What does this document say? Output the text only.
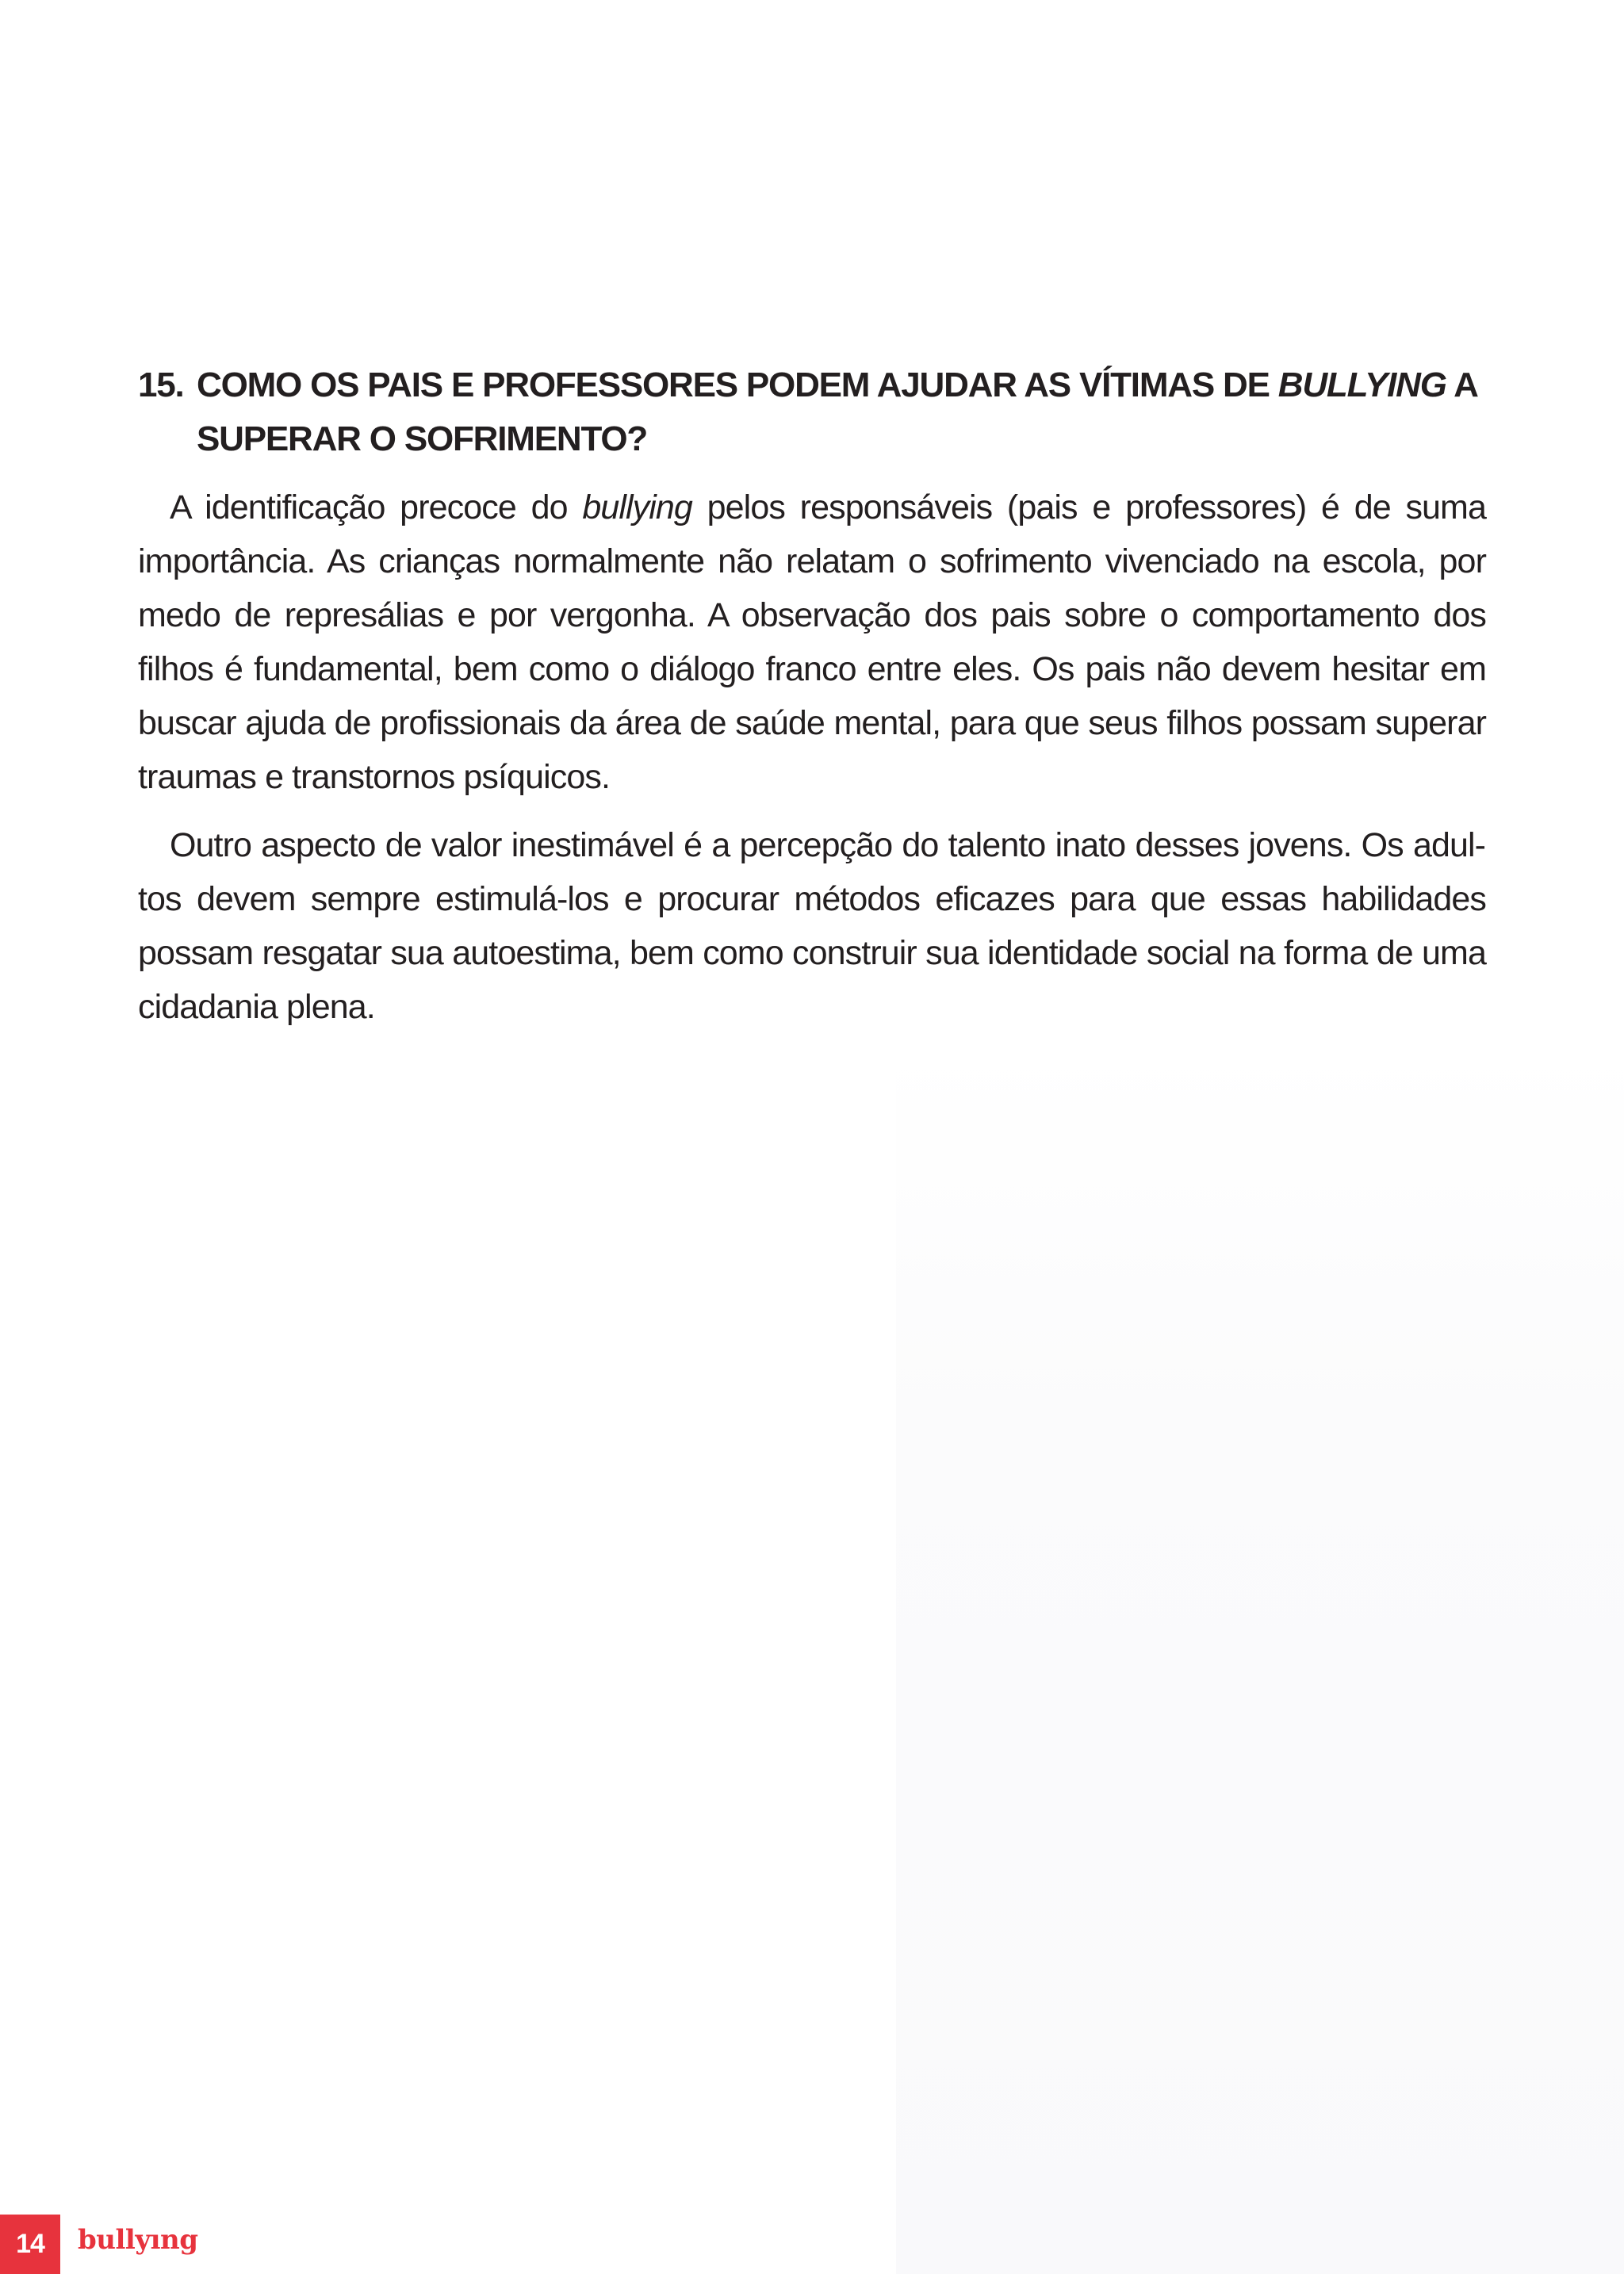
15. COMO OS PAIS E PROFESSORES PODEM AJUDAR AS VÍTIMAS DE BULLYING A SUPERAR O SOFRIMENTO?

A identificação precoce do bullying pelos responsáveis (pais e professores) é de suma importância. As crianças normalmente não relatam o sofrimento vivenciado na escola, por medo de represálias e por vergonha. A observação dos pais sobre o comportamento dos filhos é fundamental, bem como o diálogo franco entre eles. Os pais não devem hesitar em buscar ajuda de profissionais da área de saúde mental, para que seus filhos possam superar traumas e transtornos psíquicos.

Outro aspecto de valor inestimável é a percepção do talento inato desses jovens. Os adultos devem sempre estimulá-los e procurar métodos eficazes para que essas habilidades possam resgatar sua autoestima, bem como construir sua identidade social na forma de uma cidadania plena.

14	bullyıng
